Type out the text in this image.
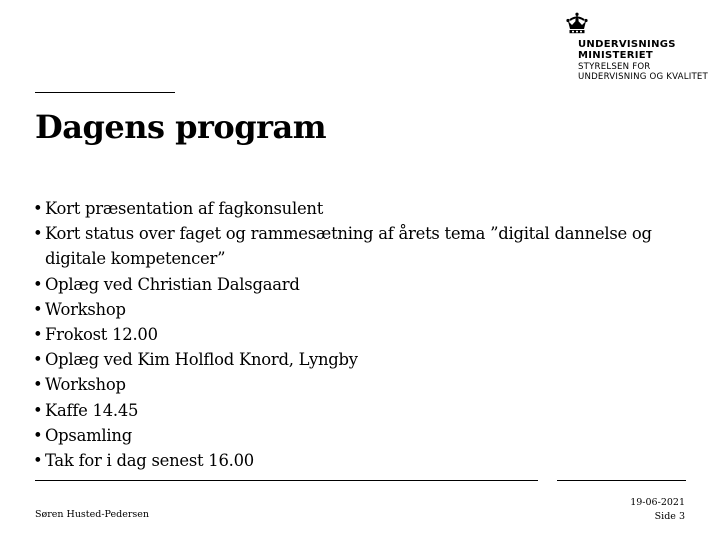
UNDERVISNINGS
MINISTERIET
STYRELSEN FOR
UNDERVISNING OG KVALITET
Dagens program
• Kort præsentation af fagkonsulent
• Kort status over faget og rammesætning af årets tema ”digital dannelse og digitale kompetencer”
• Oplæg ved Christian Dalsgaard
• Workshop
• Frokost 12.00
• Oplæg ved Kim Holflod Knord, Lyngby
• Workshop
• Kaffe 14.45
• Opsamling
• Tak for i dag senest 16.00
Søren Husted-Pedersen
19-06-2021
Side 3
